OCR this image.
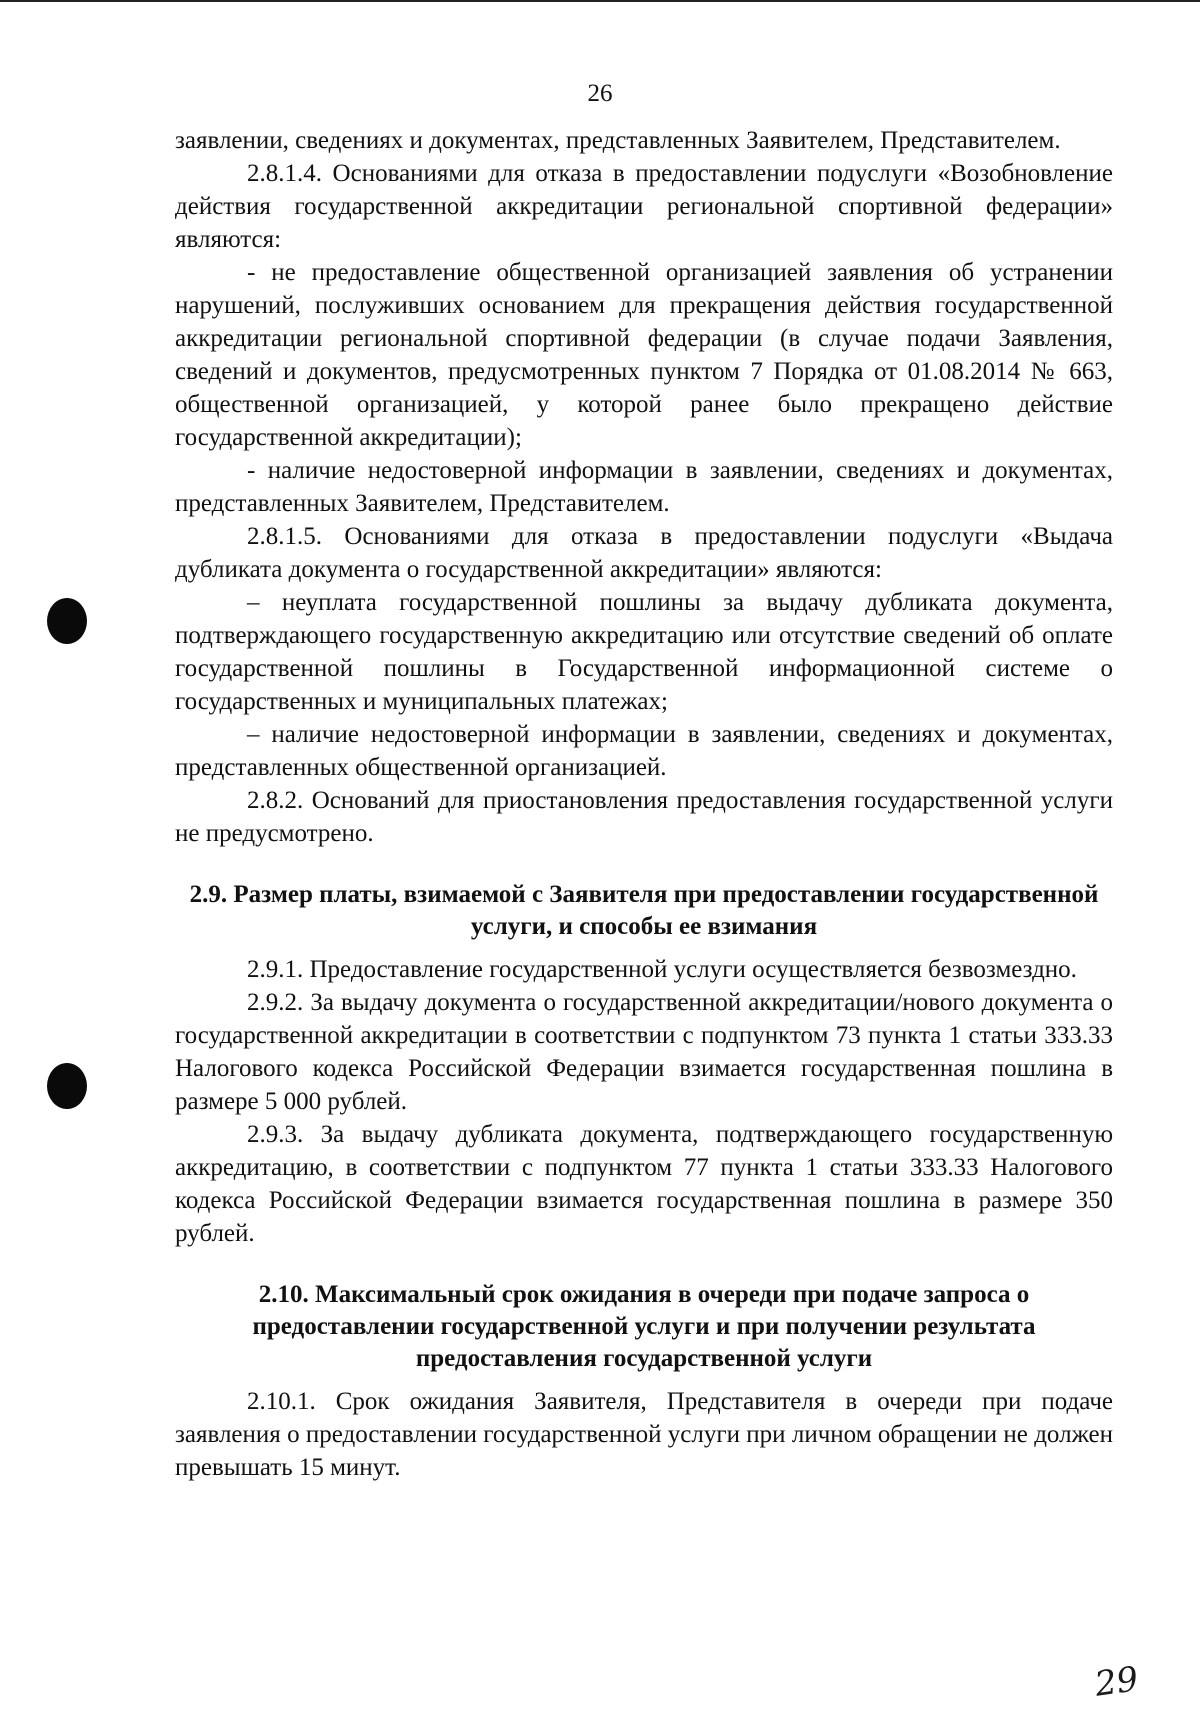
26

заявлении, сведениях и документах, представленных Заявителем, Представителем.

2.8.1.4. Основаниями для отказа в предоставлении подуслуги «Возобновление действия государственной аккредитации региональной спортивной федерации» являются:

- не предоставление общественной организацией заявления об устранении нарушений, послуживших основанием для прекращения действия государственной аккредитации региональной спортивной федерации (в случае подачи Заявления, сведений и документов, предусмотренных пунктом 7 Порядка от 01.08.2014 № 663, общественной организацией, у которой ранее было прекращено действие государственной аккредитации);

- наличие недостоверной информации в заявлении, сведениях и документах, представленных Заявителем, Представителем.

2.8.1.5. Основаниями для отказа в предоставлении подуслуги «Выдача дубликата документа о государственной аккредитации» являются:

– неуплата государственной пошлины за выдачу дубликата документа, подтверждающего государственную аккредитацию или отсутствие сведений об оплате государственной пошлины в Государственной информационной системе о государственных и муниципальных платежах;

– наличие недостоверной информации в заявлении, сведениях и документах, представленных общественной организацией.

2.8.2. Оснований для приостановления предоставления государственной услуги не предусмотрено.

2.9. Размер платы, взимаемой с Заявителя при предоставлении государственной услуги, и способы ее взимания

2.9.1. Предоставление государственной услуги осуществляется безвозмездно.

2.9.2. За выдачу документа о государственной аккредитации/нового документа о государственной аккредитации в соответствии с подпунктом 73 пункта 1 статьи 333.33 Налогового кодекса Российской Федерации взимается государственная пошлина в размере 5 000 рублей.

2.9.3. За выдачу дубликата документа, подтверждающего государственную аккредитацию, в соответствии с подпунктом 77 пункта 1 статьи 333.33 Налогового кодекса Российской Федерации взимается государственная пошлина в размере 350 рублей.

2.10. Максимальный срок ожидания в очереди при подаче запроса о предоставлении государственной услуги и при получении результата предоставления государственной услуги

2.10.1. Срок ожидания Заявителя, Представителя в очереди при подаче заявления о предоставлении государственной услуги при личном обращении не должен превышать 15 минут.

29
